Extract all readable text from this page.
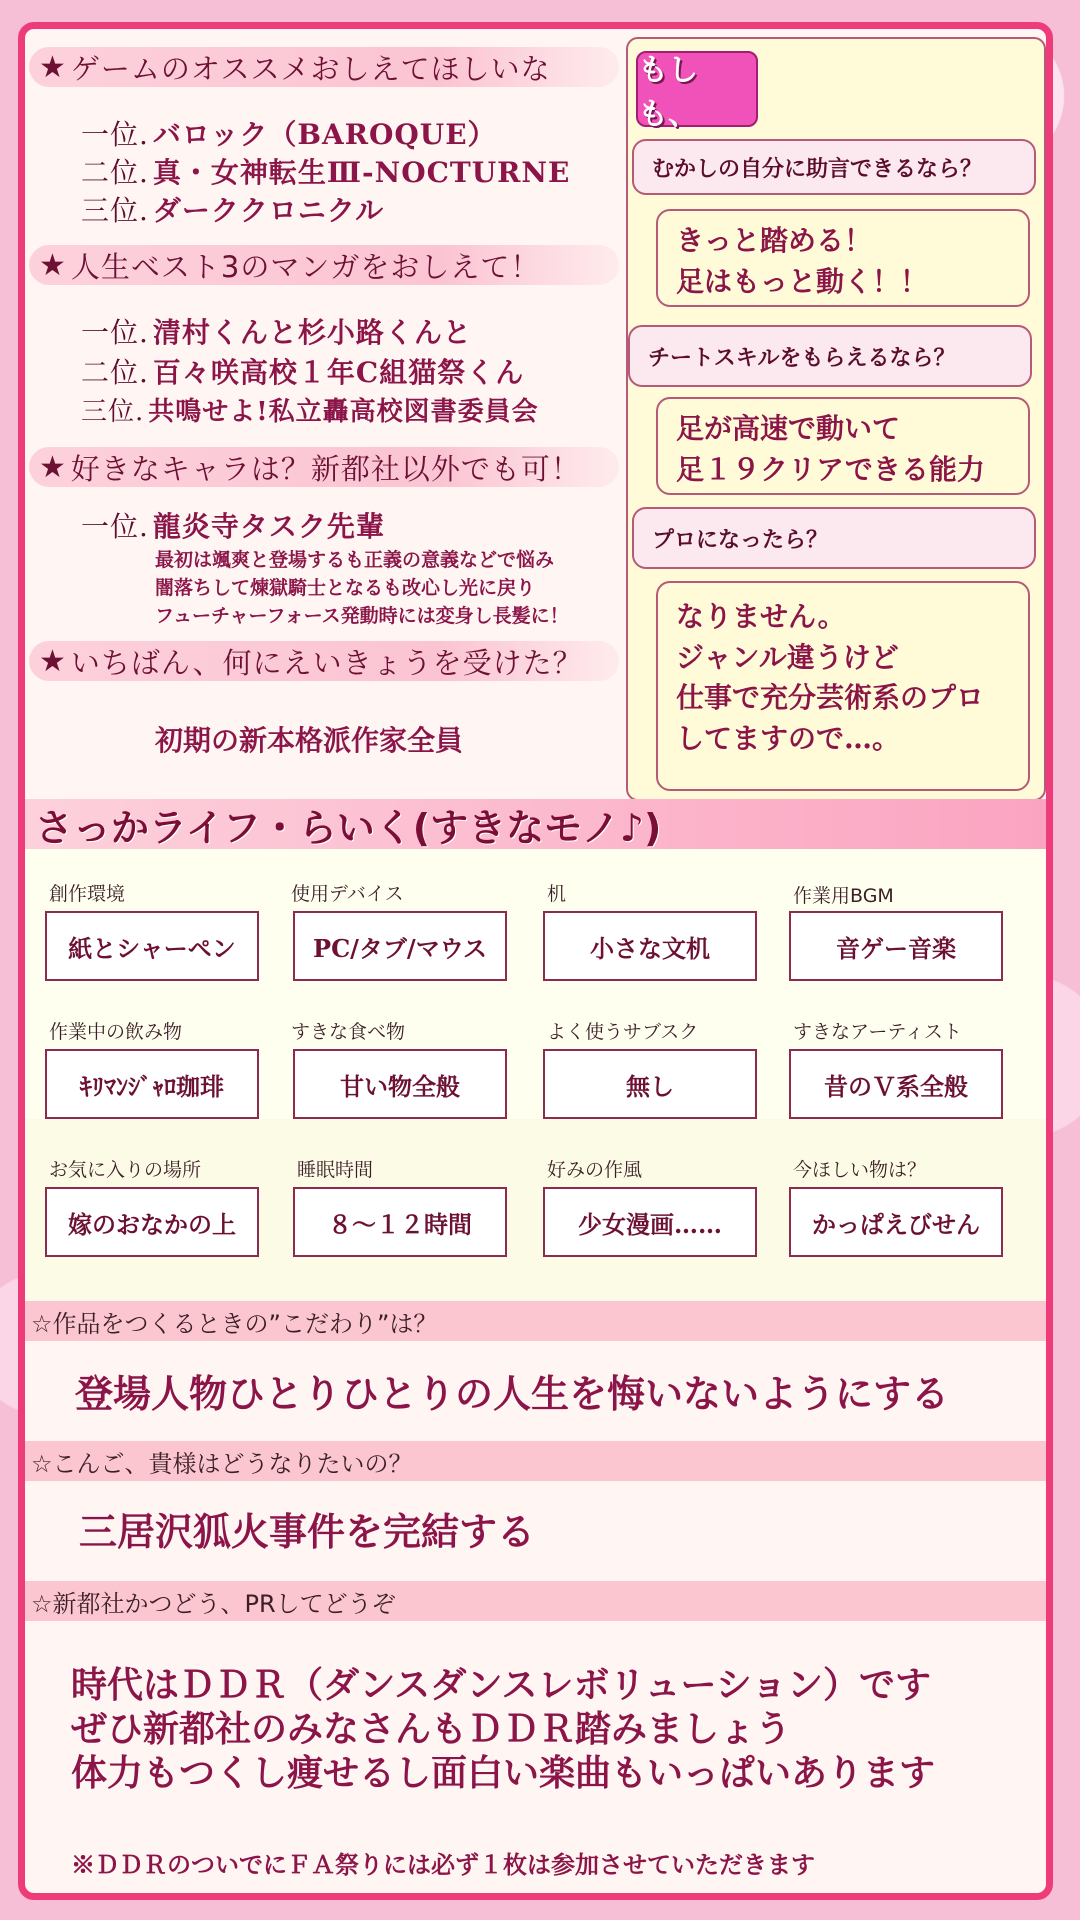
★ ゲームのオススメおしえてほしいな
一位. バロック（BAROQUE）
二位. 真・女神転生Ⅲ-NOCTURNE
三位. ダーククロニクル
★ 人生ベスト3のマンガをおしえて！
一位. 清村くんと杉小路くんと
二位. 百々咲高校１年C組猫祭くん
三位. 共鳴せよ!私立轟高校図書委員会
★ 好きなキャラは？新都社以外でも可！
一位. 龍炎寺タスク先輩
最初は颯爽と登場するも正義の意義などで悩み
闇落ちして煉獄騎士となるも改心し光に戻り
フューチャーフォース発動時には変身し長髪に！
★ いちばん、何にえいきょうを受けた？
初期の新本格派作家全員
もしも、
むかしの自分に助言できるなら？
きっと踏める！
足はもっと動く！！
チートスキルをもらえるなら？
足が高速で動いて
足１９クリアできる能力
プロになったら？
なりません。
ジャンル違うけど
仕事で充分芸術系のプロ
してますので…。
さっかライフ・らいく(すきなモノ♪)
創作環境
紙とシャーペン
使用デバイス
PC/タブ/マウス
机
小さな文机
作業用BGM
音ゲー音楽
作業中の飲み物
ｷﾘﾏﾝｼﾞｬﾛ珈琲
すきな食べ物
甘い物全般
よく使うサブスク
無し
すきなアーティスト
昔のＶ系全般
お気に入りの場所
嫁のおなかの上
睡眠時間
８～１２時間
好みの作風
少女漫画……
今ほしい物は？
かっぱえびせん
☆作品をつくるときの”こだわり”は？
登場人物ひとりひとりの人生を悔いないようにする
☆こんご、貴様はどうなりたいの？
三居沢狐火事件を完結する
☆新都社かつどう、PRしてどうぞ
時代はＤＤＲ（ダンスダンスレボリューション）です
ぜひ新都社のみなさんもＤＤＲ踏みましょう
体力もつくし痩せるし面白い楽曲もいっぱいあります
※ＤＤＲのついでにＦＡ祭りには必ず１枚は参加させていただきます
